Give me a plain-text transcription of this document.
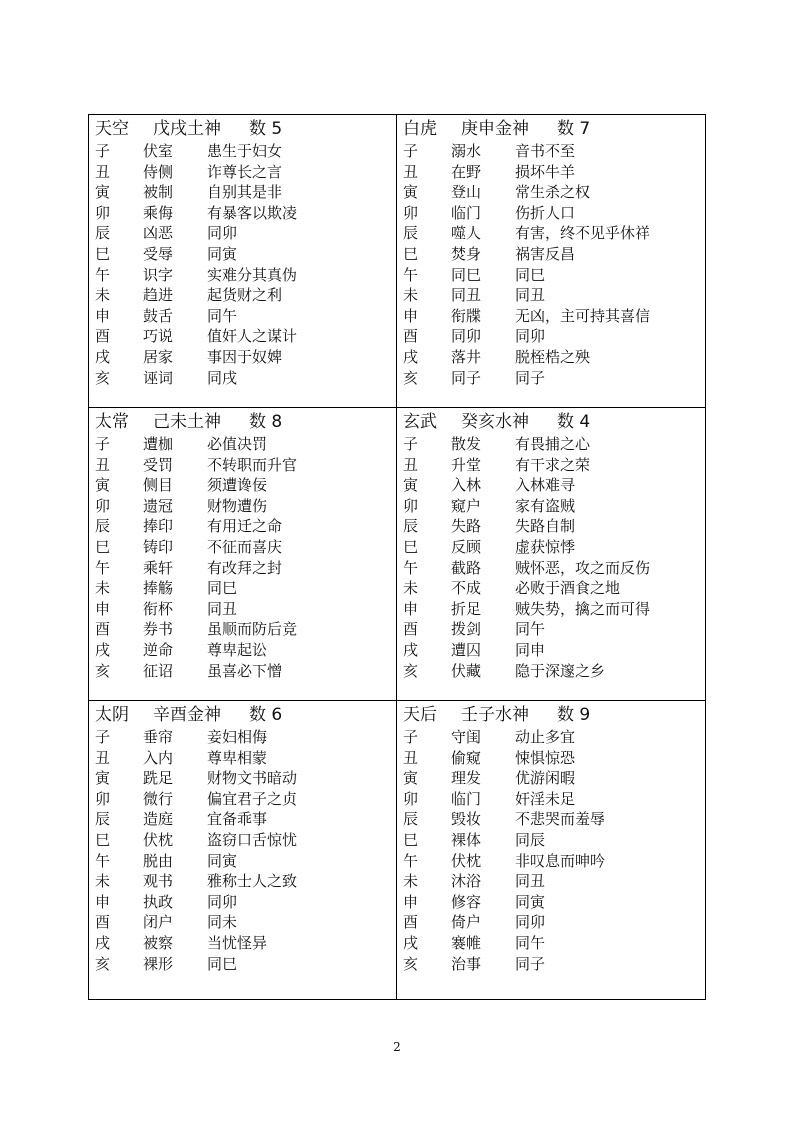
天空 戊戌土神 数 5
子 伏室 患生于妇女
丑 侍侧 诈尊长之言
寅 被制 自别其是非
卯 乘侮 有暴客以欺凌
辰 凶恶 同卯
巳 受辱 同寅
午 识字 实难分其真伪
未 趋进 起货财之利
申 鼓舌 同午
酉 巧说 值奸人之谋计
戌 居家 事因于奴婢
亥 诬词 同戌
白虎 庚申金神 数 7
子 溺水 音书不至
丑 在野 损坏牛羊
寅 登山 常生杀之权
卯 临门 伤折人口
辰 噬人 有害，终不见乎休祥
巳 焚身 祸害反昌
午 同巳 同巳
未 同丑 同丑
申 衔牒 无凶，主可持其喜信
酉 同卯 同卯
戌 落井 脱桎梏之殃
亥 同子 同子
太常 己未土神 数 8
子 遭枷 必值决罚
丑 受罚 不转职而升官
寅 侧目 须遭谗佞
卯 遗冠 财物遭伤
辰 捧印 有用迁之命
巳 铸印 不征而喜庆
午 乘轩 有改拜之封
未 捧觞 同巳
申 衔杯 同丑
酉 券书 虽顺而防后竞
戌 逆命 尊卑起讼
亥 征诏 虽喜必下憎
玄武 癸亥水神 数 4
子 散发 有畏捕之心
丑 升堂 有干求之荣
寅 入林 入林难寻
卯 窥户 家有盗贼
辰 失路 失路自制
巳 反顾 虚获惊悸
午 截路 贼怀恶，攻之而反伤
未 不成 必败于酒食之地
申 折足 贼失势，擒之而可得
酉 拨剑 同午
戌 遭囚 同申
亥 伏藏 隐于深邃之乡
太阴 辛酉金神 数 6
子 垂帘 妾妇相侮
丑 入内 尊卑相蒙
寅 跣足 财物文书暗动
卯 微行 偏宜君子之贞
辰 造庭 宜备乖事
巳 伏枕 盗窃口舌惊忧
午 脱由 同寅
未 观书 雅称士人之致
申 执政 同卯
酉 闭户 同未
戌 被察 当忧怪异
亥 裸形 同巳
天后 壬子水神 数 9
子 守闺 动止多宜
丑 偷窥 悚惧惊恐
寅 理发 优游闲暇
卯 临门 奸淫未足
辰 毁妆 不悲哭而羞辱
巳 裸体 同辰
午 伏枕 非叹息而呻吟
未 沐浴 同丑
申 修容 同寅
酉 倚户 同卯
戌 褰帷 同午
亥 治事 同子
2
